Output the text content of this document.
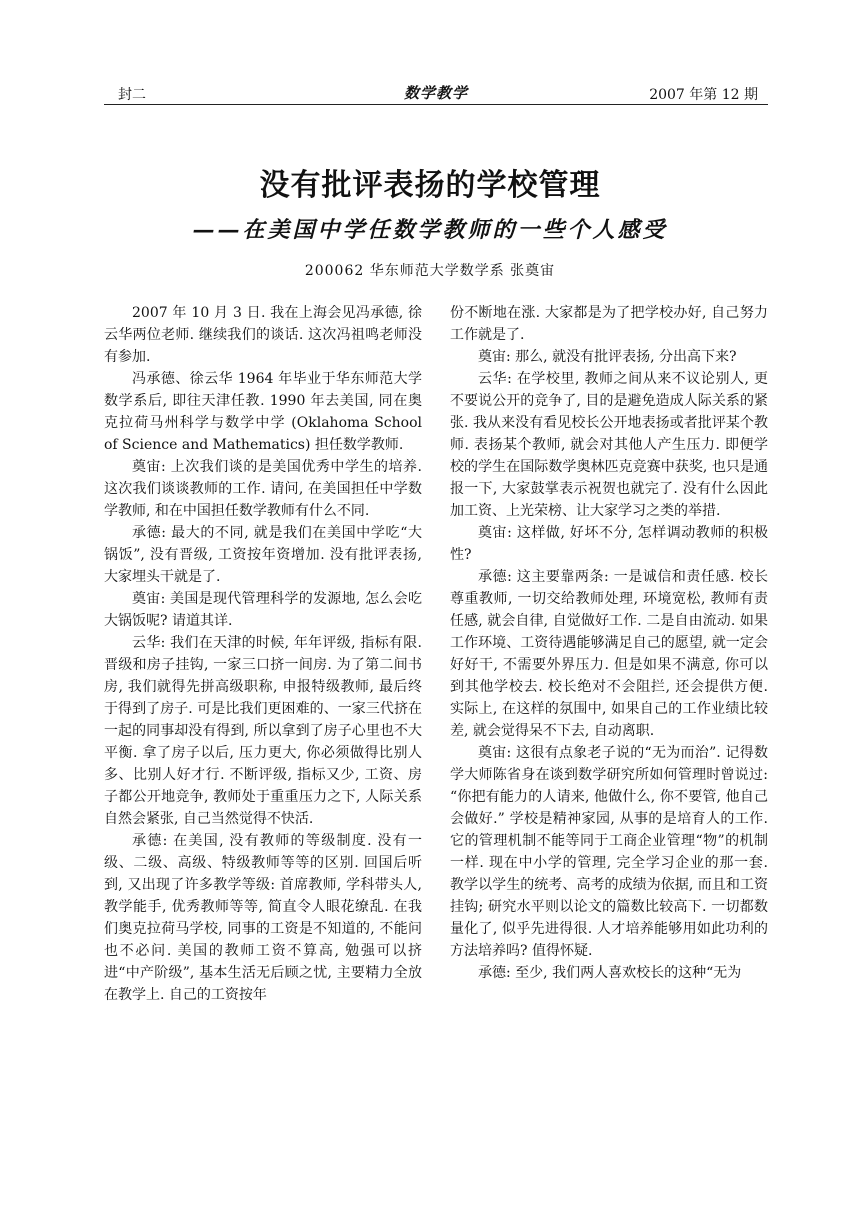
封二	数学教学	2007 年第 12 期
没有批评表扬的学校管理
——在美国中学任数学教师的一些个人感受
200062 华东师范大学数学系 张奠宙

2007 年 10 月 3 日. 我在上海会见冯承德, 徐云华两位老师. 继续我们的谈话. 这次冯祖鸣老师没有参加.

冯承德、徐云华 1964 年毕业于华东师范大学数学系后, 即往天津任教. 1990 年去美国, 同在奥克拉荷马州科学与数学中学 (Oklahoma School of Science and Mathematics) 担任数学教师.

奠宙: 上次我们谈的是美国优秀中学生的培养. 这次我们谈谈教师的工作. 请问, 在美国担任中学数学教师, 和在中国担任数学教师有什么不同.

承德: 最大的不同, 就是我们在美国中学吃“大锅饭”, 没有晋级, 工资按年资增加. 没有批评表扬, 大家埋头干就是了.

奠宙: 美国是现代管理科学的发源地, 怎么会吃大锅饭呢? 请道其详.

云华: 我们在天津的时候, 年年评级, 指标有限. 晋级和房子挂钩, 一家三口挤一间房. 为了第二间书房, 我们就得先拼高级职称, 申报特级教师, 最后终于得到了房子. 可是比我们更困难的、一家三代挤在一起的同事却没有得到, 所以拿到了房子心里也不大平衡. 拿了房子以后, 压力更大, 你必须做得比别人多、比别人好才行. 不断评级, 指标又少, 工资、房子都公开地竞争, 教师处于重重压力之下, 人际关系自然会紧张, 自己当然觉得不快活.

承德: 在美国, 没有教师的等级制度. 没有一级、二级、高级、特级教师等等的区别. 回国后听到, 又出现了许多教学等级: 首席教师, 学科带头人, 教学能手, 优秀教师等等, 简直令人眼花缭乱. 在我们奥克拉荷马学校, 同事的工资是不知道的, 不能问也不必问. 美国的教师工资不算高, 勉强可以挤进“中产阶级”, 基本生活无后顾之忧, 主要精力全放在教学上. 自己的工资按年

份不断地在涨. 大家都是为了把学校办好, 自己努力工作就是了.

奠宙: 那么, 就没有批评表扬, 分出高下来?

云华: 在学校里, 教师之间从来不议论别人, 更不要说公开的竞争了, 目的是避免造成人际关系的紧张. 我从来没有看见校长公开地表扬或者批评某个教师. 表扬某个教师, 就会对其他人产生压力. 即便学校的学生在国际数学奥林匹克竞赛中获奖, 也只是通报一下, 大家鼓掌表示祝贺也就完了. 没有什么因此加工资、上光荣榜、让大家学习之类的举措.

奠宙: 这样做, 好坏不分, 怎样调动教师的积极性?

承德: 这主要靠两条: 一是诚信和责任感. 校长尊重教师, 一切交给教师处理, 环境宽松, 教师有责任感, 就会自律, 自觉做好工作. 二是自由流动. 如果工作环境、工资待遇能够满足自己的愿望, 就一定会好好干, 不需要外界压力. 但是如果不满意, 你可以到其他学校去. 校长绝对不会阻拦, 还会提供方便. 实际上, 在这样的氛围中, 如果自己的工作业绩比较差, 就会觉得呆不下去, 自动离职.

奠宙: 这很有点象老子说的“无为而治”. 记得数学大师陈省身在谈到数学研究所如何管理时曾说过: “你把有能力的人请来, 他做什么, 你不要管, 他自己会做好.” 学校是精神家园, 从事的是培育人的工作. 它的管理机制不能等同于工商企业管理“物”的机制一样. 现在中小学的管理, 完全学习企业的那一套. 教学以学生的统考、高考的成绩为依据, 而且和工资挂钩; 研究水平则以论文的篇数比较高下. 一切都数量化了, 似乎先进得很. 人才培养能够用如此功利的方法培养吗? 值得怀疑.

承德: 至少, 我们两人喜欢校长的这种“无为
